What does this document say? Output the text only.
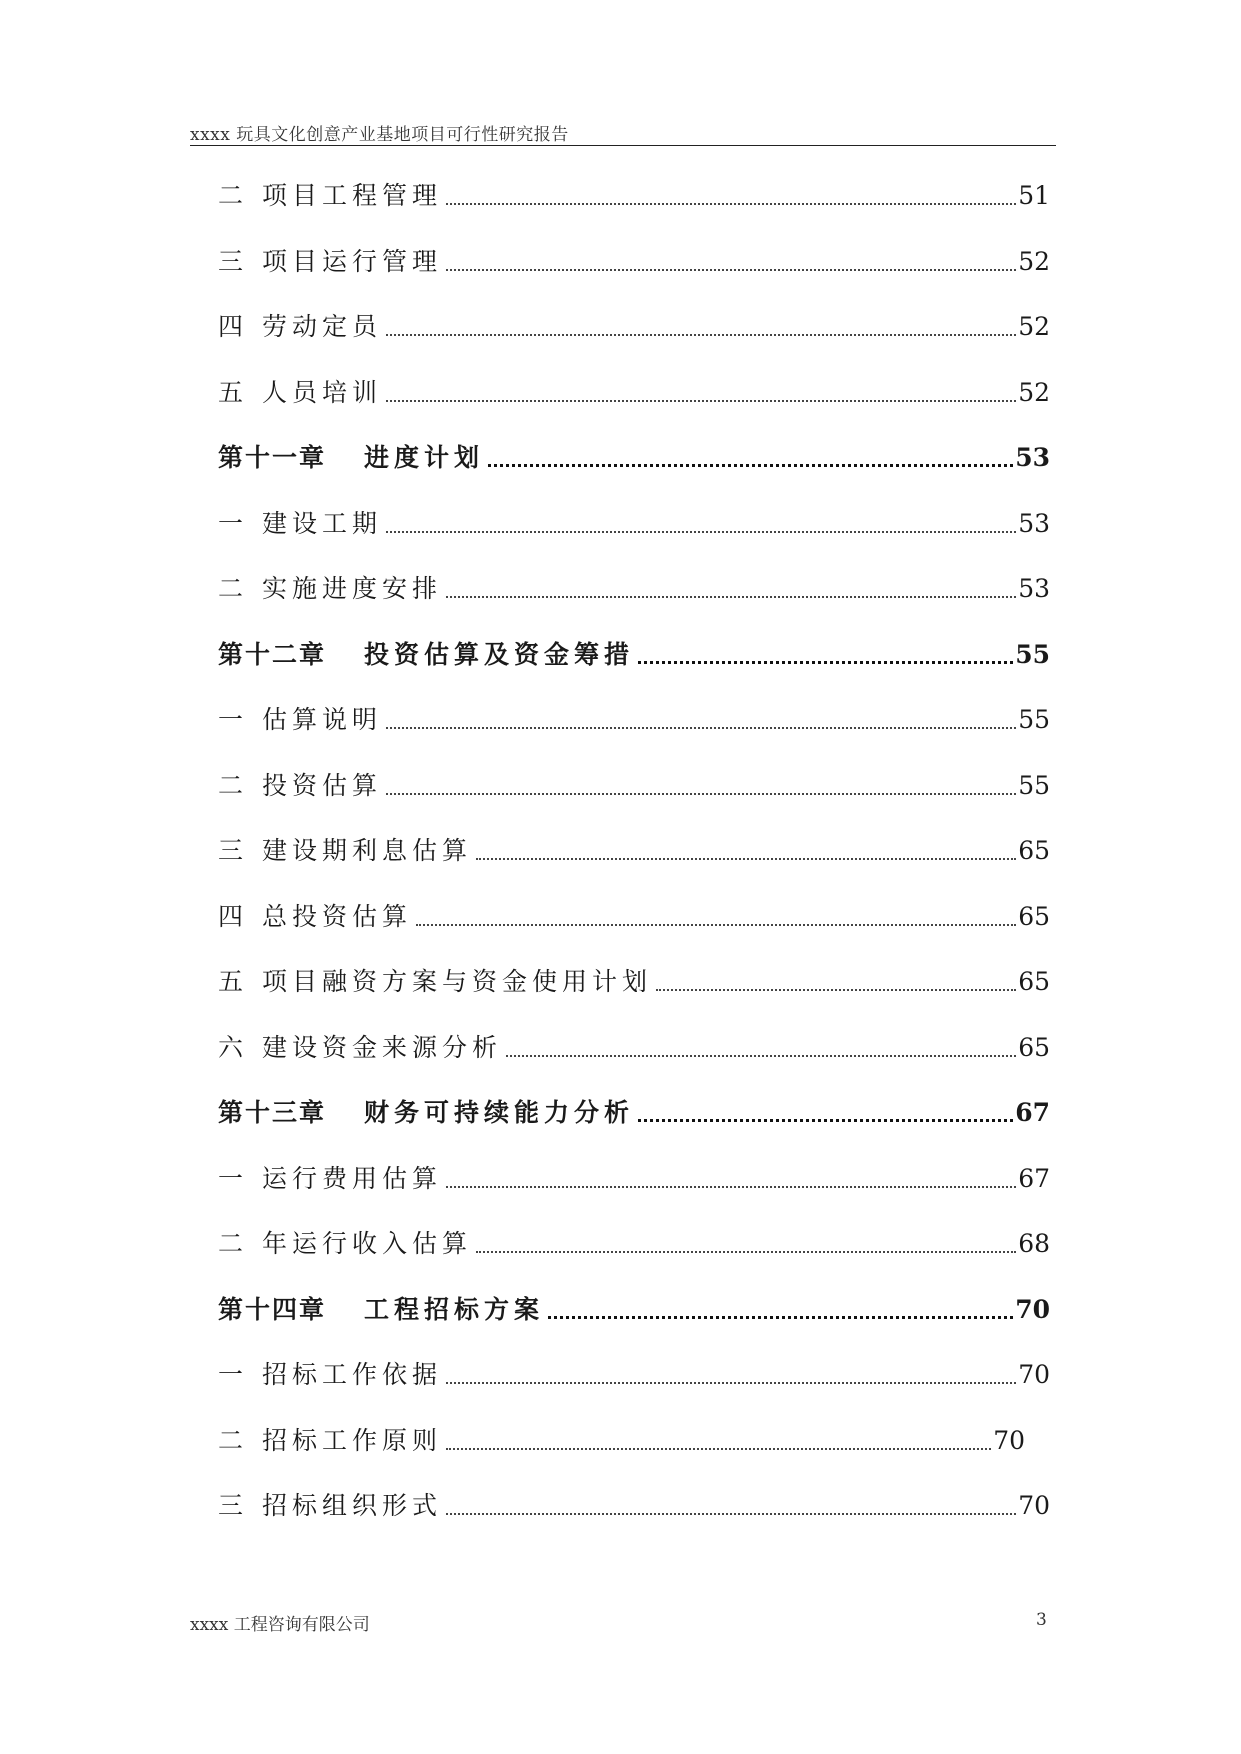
xxxx 玩具文化创意产业基地项目可行性研究报告
二 项目工程管理	51
三 项目运行管理	52
四 劳动定员	52
五 人员培训	52
第十一章	进度计划	53
一 建设工期	53
二 实施进度安排	53
第十二章	投资估算及资金筹措	55
一 估算说明	55
二 投资估算	55
三 建设期利息估算	65
四 总投资估算	65
五 项目融资方案与资金使用计划	65
六 建设资金来源分析	65
第十三章	财务可持续能力分析	67
一 运行费用估算	67
二 年运行收入估算	68
第十四章	工程招标方案	70
一 招标工作依据	70
二 招标工作原则	70
三 招标组织形式	70
xxxx 工程咨询有限公司	3
